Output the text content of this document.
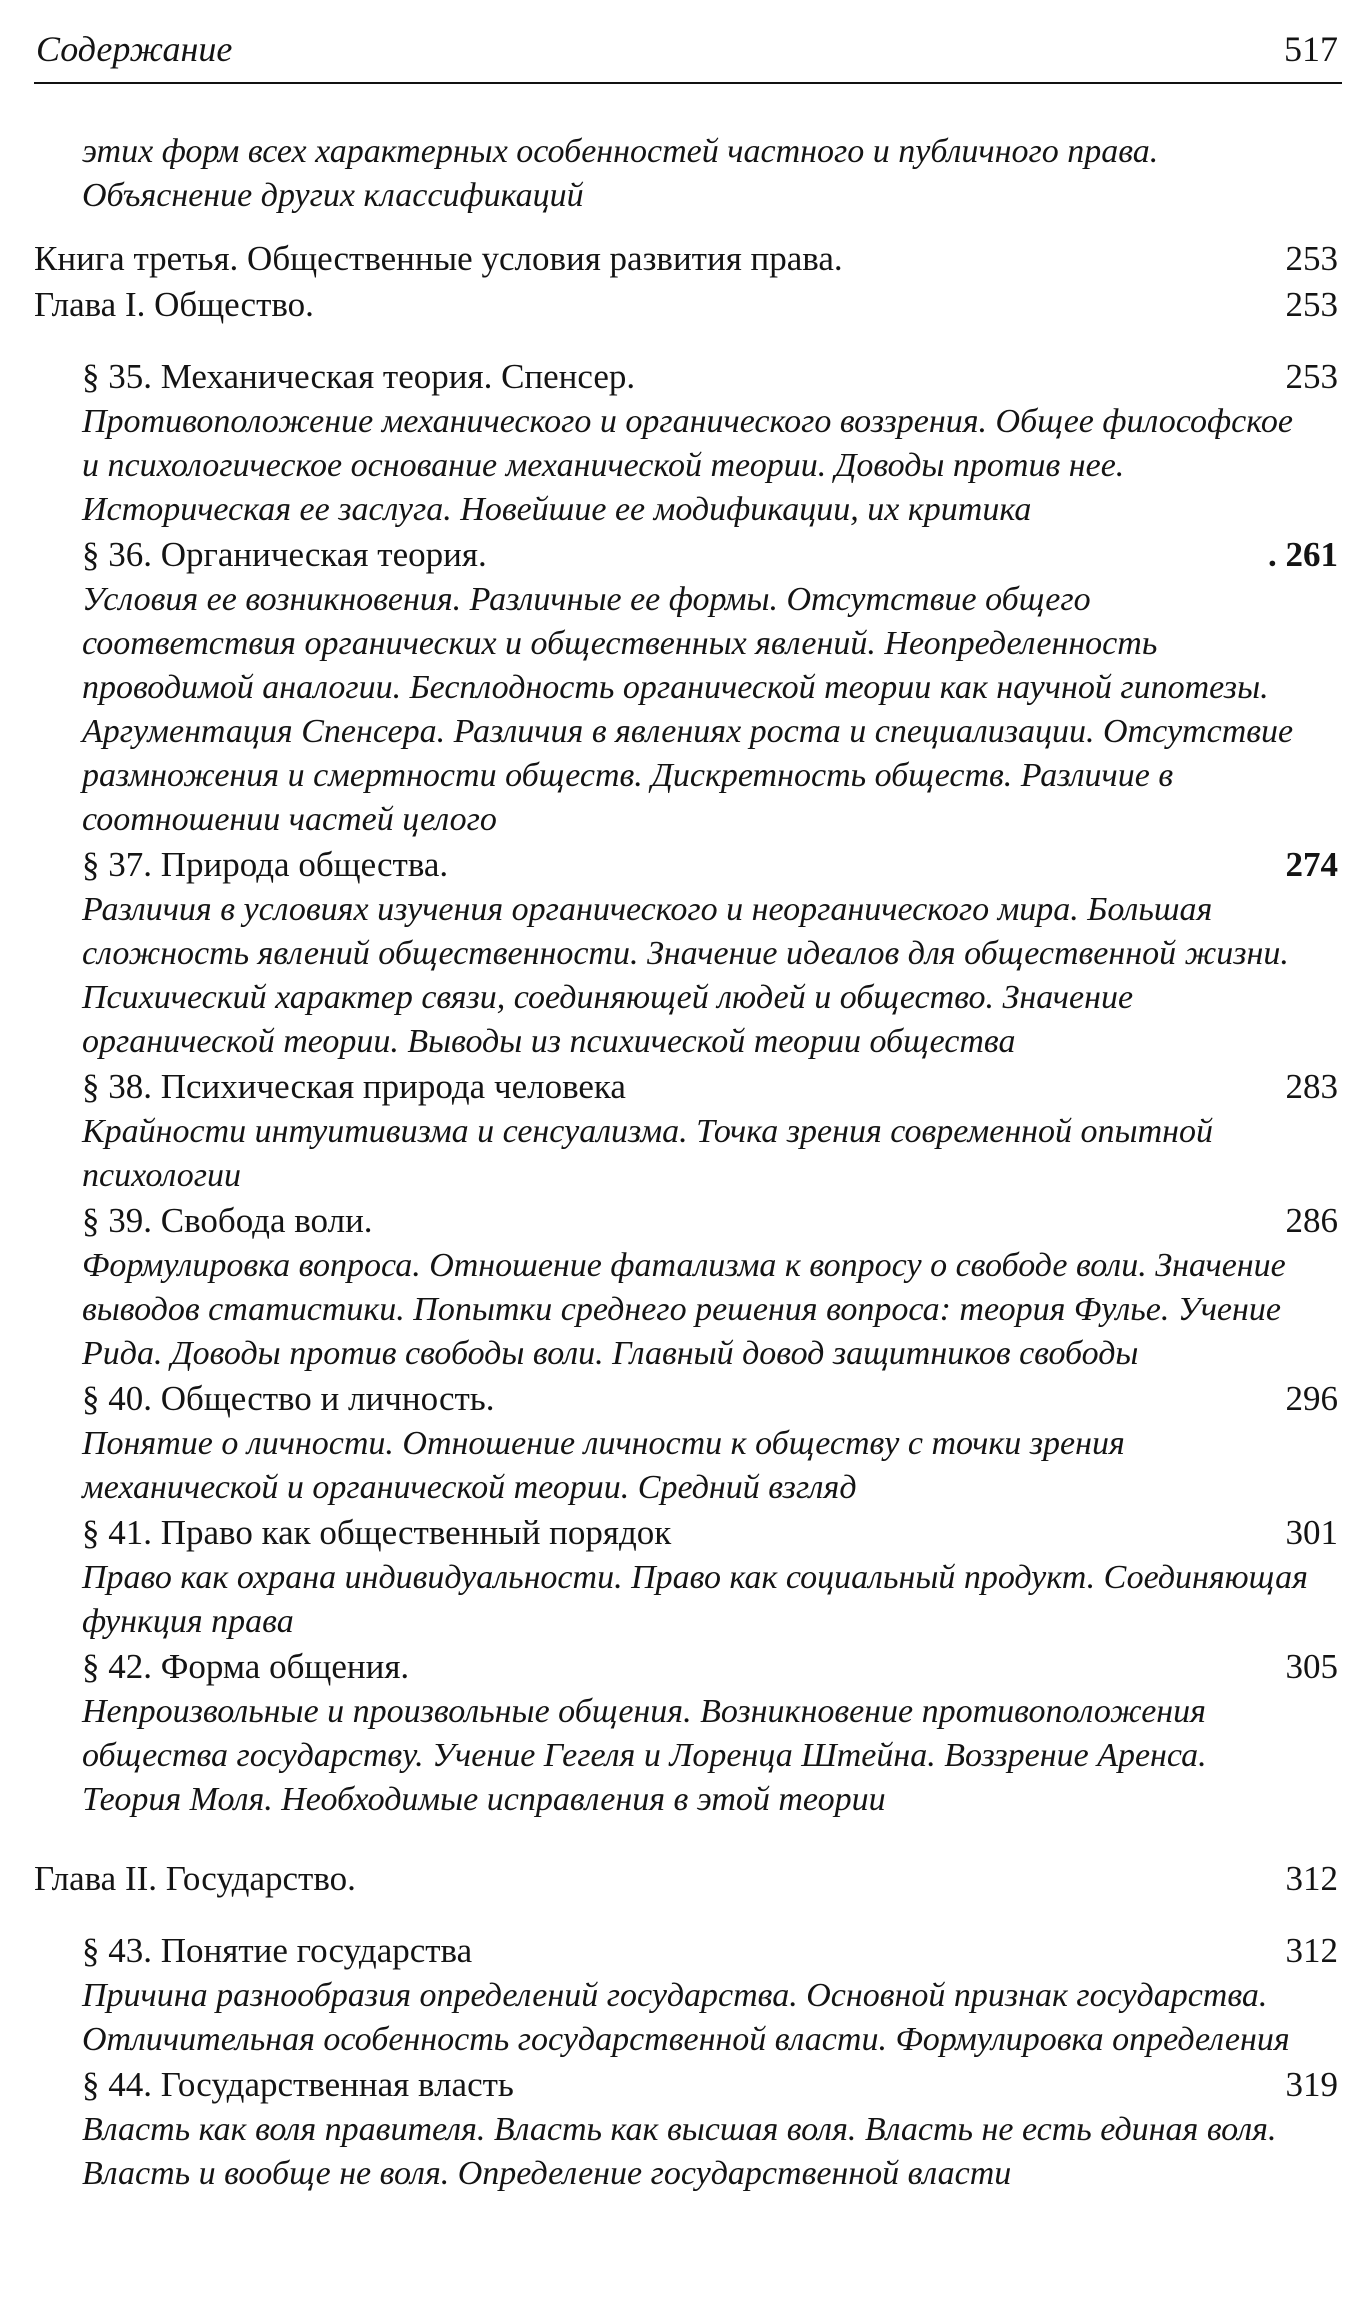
Содержание	517
этих форм всех характерных особенностей частного и публичного права. Объяснение других классификаций
Книга третья. Общественные условия развития права.	253
Глава I. Общество.	253
§ 35. Механическая теория. Спенсер.	253
Противоположение механического и органического воззрения. Общее философское и психологическое основание механической теории. Доводы против нее. Историческая ее заслуга. Новейшие ее модификации, их критика
§ 36. Органическая теория.	. 261
Условия ее возникновения. Различные ее формы. Отсутствие общего соответствия органических и общественных явлений. Неопределенность проводимой аналогии. Бесплодность органической теории как научной гипотезы. Аргументация Спенсера. Различия в явлениях роста и специализации. Отсутствие размножения и смертности обществ. Дискретность обществ. Различие в соотношении частей целого
§ 37. Природа общества.	274
Различия в условиях изучения органического и неорганического мира. Большая сложность явлений общественности. Значение идеалов для общественной жизни. Психический характер связи, соединяющей людей и общество. Значение органической теории. Выводы из психической теории общества
§ 38. Психическая природа человека	283
Крайности интуитивизма и сенсуализма. Точка зрения современной опытной психологии
§ 39. Свобода воли.	286
Формулировка вопроса. Отношение фатализма к вопросу о свободе воли. Значение выводов статистики. Попытки среднего решения вопроса: теория Фулье. Учение Рида. Доводы против свободы воли. Главный довод защитников свободы
§ 40. Общество и личность.	296
Понятие о личности. Отношение личности к обществу с точки зрения механической и органической теории. Средний взгляд
§ 41. Право как общественный порядок	301
Право как охрана индивидуальности. Право как социальный продукт. Соединяющая функция права
§ 42. Форма общения.	305
Непроизвольные и произвольные общения. Возникновение противоположения общества государству. Учение Гегеля и Лоренца Штейна. Воззрение Аренса. Теория Моля. Необходимые исправления в этой теории
Глава II. Государство.	312
§ 43. Понятие государства	312
Причина разнообразия определений государства. Основной признак государства. Отличительная особенность государственной власти. Формулировка определения
§ 44. Государственная власть	319
Власть как воля правителя. Власть как высшая воля. Власть не есть единая воля. Власть и вообще не воля. Определение государственной власти
